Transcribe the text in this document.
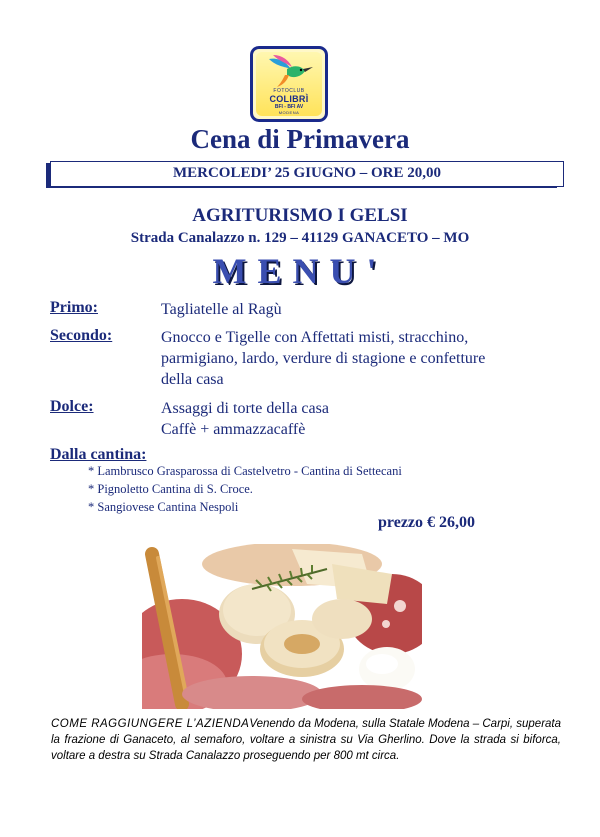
FOTOCLUB
COLIBRÌ
BFI - BFI AV
MODENA
Cena di Primavera
MERCOLEDI’ 25 GIUGNO – ORE 20,00
AGRITURISMO I GELSI
Strada Canalazzo n. 129 – 41129 GANACETO – MO
MENU'
Primo:	Tagliatelle al Ragù
Secondo:	Gnocco e Tigelle con Affettati misti, stracchino,
parmigiano, lardo, verdure di stagione e confetture
della casa
Dolce:	Assaggi di torte della casa
Caffè + ammazzacaffè
Dalla cantina:
* Lambrusco Grasparossa di Castelvetro - Cantina di Settecani
* Pignoletto Cantina di S. Croce.
* Sangiovese Cantina Nespoli
prezzo € 26,00
COME RAGGIUNGERE L’AZIENDAVenendo da Modena, sulla Statale Modena – Carpi, superata la frazione di Ganaceto, al semaforo, voltare a sinistra su Via Gherlino. Dove la strada si biforca, voltare a destra su Strada Canalazzo proseguendo per 800 mt circa.
